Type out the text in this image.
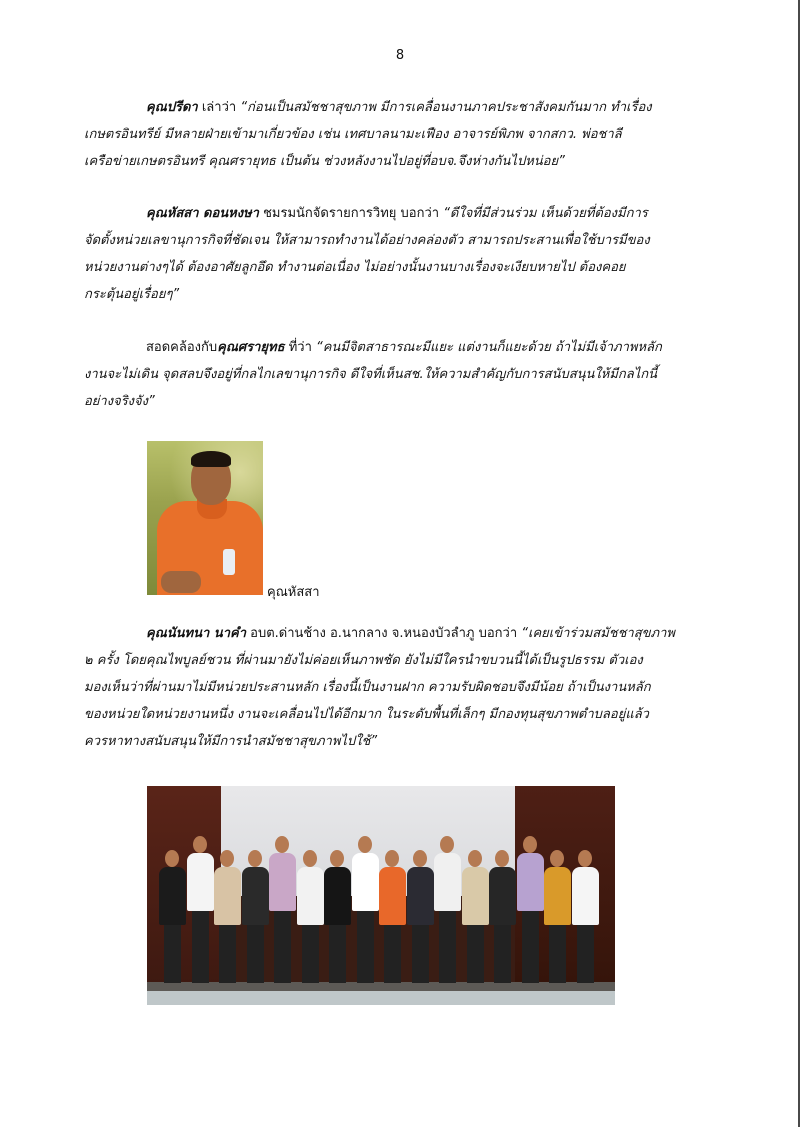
8
คุณปรีดา เล่าว่า “ก่อนเป็นสมัชชาสุขภาพ มีการเคลื่อนงานภาคประชาสังคมกันมาก ทำเรื่อง
เกษตรอินทรีย์ มีหลายฝ่ายเข้ามาเกี่ยวข้อง เช่น เทศบาลนามะเฟือง อาจารย์พิภพ จากสกว. พ่อชาลี
เครือข่ายเกษตรอินทรี คุณศรายุทธ เป็นต้น ช่วงหลังงานไปอยู่ที่อบจ.จึงห่างกันไปหน่อย”
คุณหัสสา ดอนหงษา ชมรมนักจัดรายการวิทยุ บอกว่า “ดีใจที่มีส่วนร่วม เห็นด้วยที่ต้องมีการ
จัดตั้งหน่วยเลขานุการกิจที่ชัดเจน ให้สามารถทำงานได้อย่างคล่องตัว สามารถประสานเพื่อใช้บารมีของ
หน่วยงานต่างๆได้ ต้องอาศัยลูกอึด ทำงานต่อเนื่อง ไม่อย่างนั้นงานบางเรื่องจะเงียบหายไป ต้องคอย
กระตุ้นอยู่เรื่อยๆ”
สอดคล้องกับคุณศรายุทธ ที่ว่า “คนมีจิตสาธารณะมีแยะ แต่งานก็แยะด้วย ถ้าไม่มีเจ้าภาพหลัก
งานจะไม่เดิน จุดสลบจึงอยู่ที่กลไกเลขานุการกิจ ดีใจที่เห็นสช.ให้ความสำคัญกับการสนับสนุนให้มีกลไกนี้
อย่างจริงจัง”
คุณหัสสา
คุณนันทนา นาคำ อบต.ด่านช้าง อ.นากลาง จ.หนองบัวลำภู บอกว่า “เคยเข้าร่วมสมัชชาสุขภาพ
๒ ครั้ง โดยคุณไพบูลย์ชวน ที่ผ่านมายังไม่ค่อยเห็นภาพชัด ยังไม่มีใครนำขบวนนี้ได้เป็นรูปธรรม ตัวเอง
มองเห็นว่าที่ผ่านมาไม่มีหน่วยประสานหลัก เรื่องนี้เป็นงานฝาก ความรับผิดชอบจึงมีน้อย ถ้าเป็นงานหลัก
ของหน่วยใดหน่วยงานหนึ่ง งานจะเคลื่อนไปได้อีกมาก ในระดับพื้นที่เล็กๆ มีกองทุนสุขภาพตำบลอยู่แล้ว
ควรหาทางสนับสนุนให้มีการนำสมัชชาสุขภาพไปใช้”
